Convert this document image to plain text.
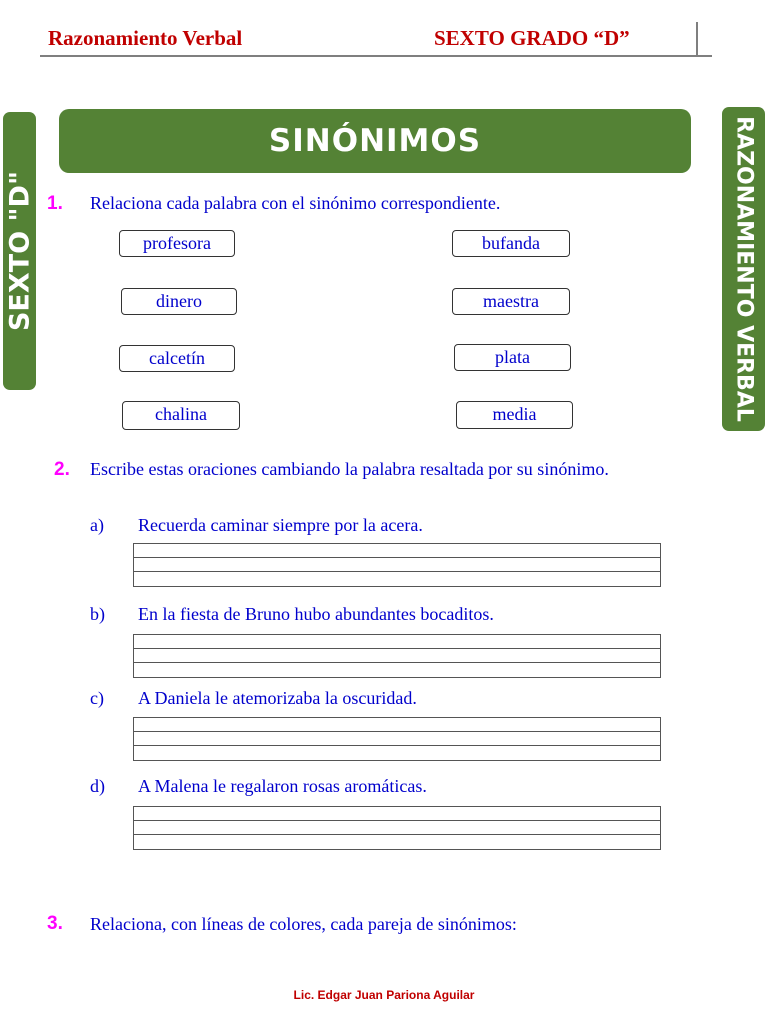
Razonamiento Verbal	SEXTO GRADO “D”
SEXTO "D"	RAZONAMIENTO VERBAL
SINÓNIMOS
1. Relaciona cada palabra con el sinónimo correspondiente.
profesora
dinero
calcetín
chalina
bufanda
maestra
plata
media
2. Escribe estas oraciones cambiando la palabra resaltada por su sinónimo.
a) Recuerda caminar siempre por la acera.
b) En la fiesta de Bruno hubo abundantes bocaditos.
c) A Daniela le atemorizaba la oscuridad.
d) A Malena le regalaron rosas aromáticas.
3. Relaciona, con líneas de colores, cada pareja de sinónimos:
Lic. Edgar Juan Pariona Aguilar
